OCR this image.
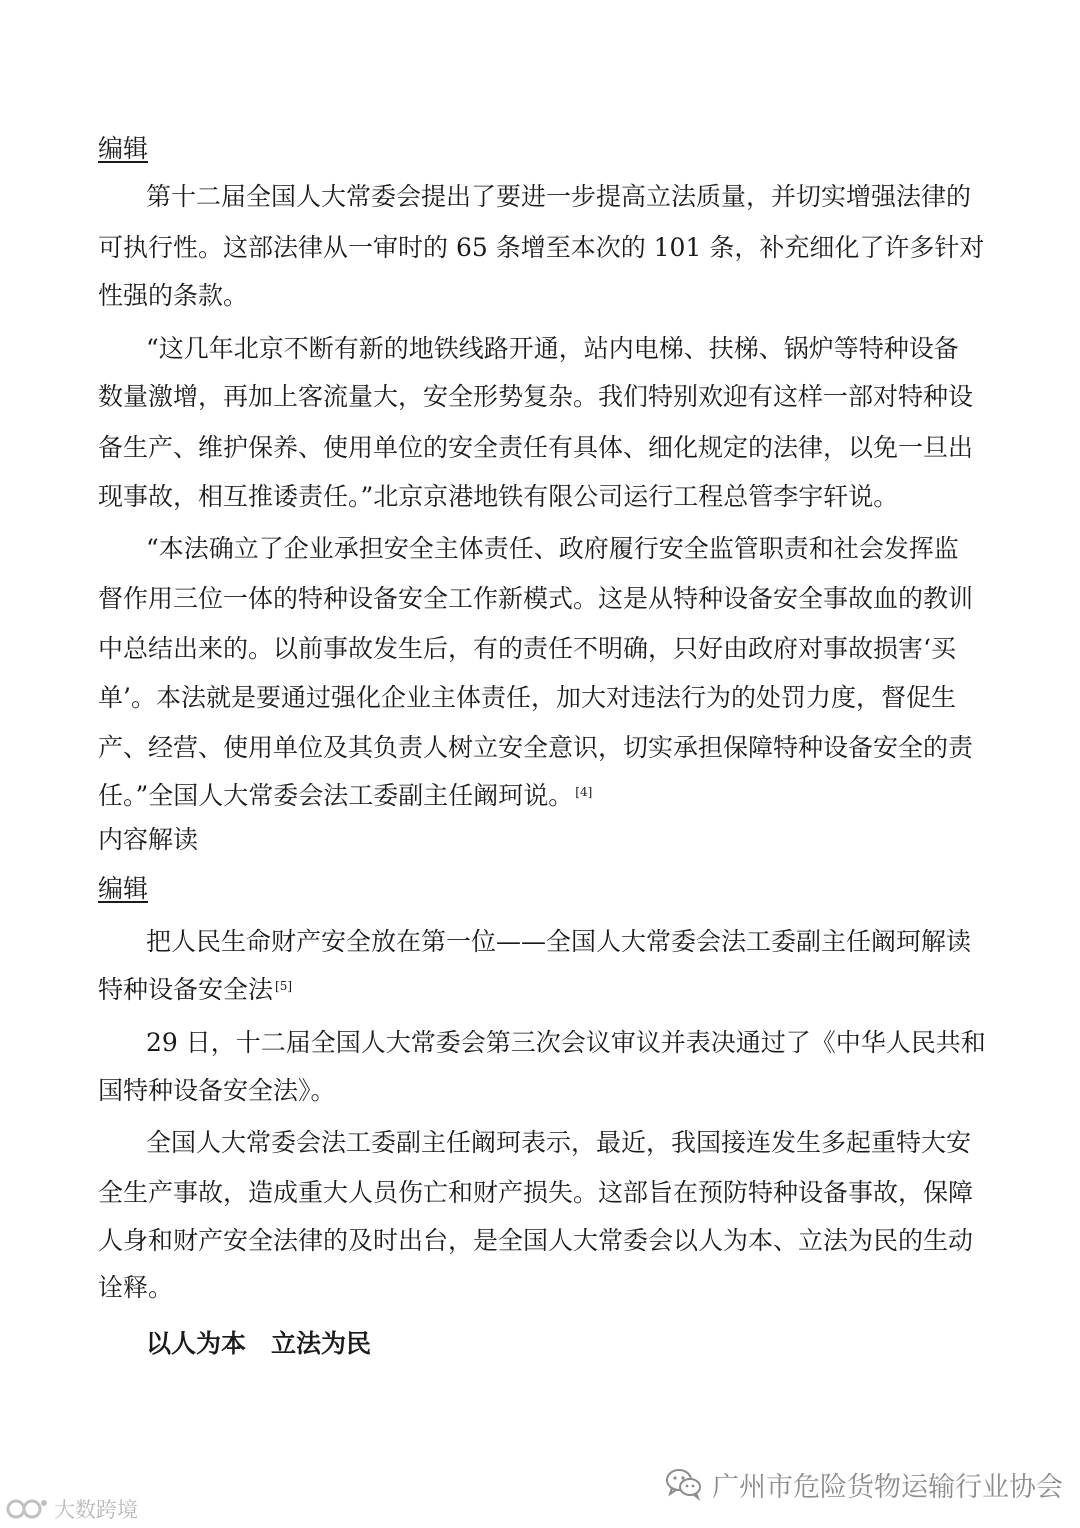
编辑
第十二届全国人大常委会提出了要进一步提高立法质量，并切实增强法律的
可执行性。这部法律从一审时的 65 条增至本次的 101 条，补充细化了许多针对
性强的条款。
“这几年北京不断有新的地铁线路开通，站内电梯、扶梯、锅炉等特种设备
数量激增，再加上客流量大，安全形势复杂。我们特别欢迎有这样一部对特种设
备生产、维护保养、使用单位的安全责任有具体、细化规定的法律，以免一旦出
现事故，相互推诿责任。”北京京港地铁有限公司运行工程总管李宇轩说。
“本法确立了企业承担安全主体责任、政府履行安全监管职责和社会发挥监
督作用三位一体的特种设备安全工作新模式。这是从特种设备安全事故血的教训
中总结出来的。以前事故发生后，有的责任不明确，只好由政府对事故损害‘买
单’。本法就是要通过强化企业主体责任，加大对违法行为的处罚力度，督促生
产、经营、使用单位及其负责人树立安全意识，切实承担保障特种设备安全的责
任。”全国人大常委会法工委副主任阚珂说。 [4]
内容解读
编辑
把人民生命财产安全放在第一位——全国人大常委会法工委副主任阚珂解读
特种设备安全法 [5]
29 日，十二届全国人大常委会第三次会议审议并表决通过了《中华人民共和
国特种设备安全法》。
全国人大常委会法工委副主任阚珂表示，最近，我国接连发生多起重特大安
全生产事故，造成重大人员伤亡和财产损失。这部旨在预防特种设备事故，保障
人身和财产安全法律的及时出台，是全国人大常委会以人为本、立法为民的生动
诠释。
以人为本　立法为民
广州市危险货物运输行业协会
大数跨境
